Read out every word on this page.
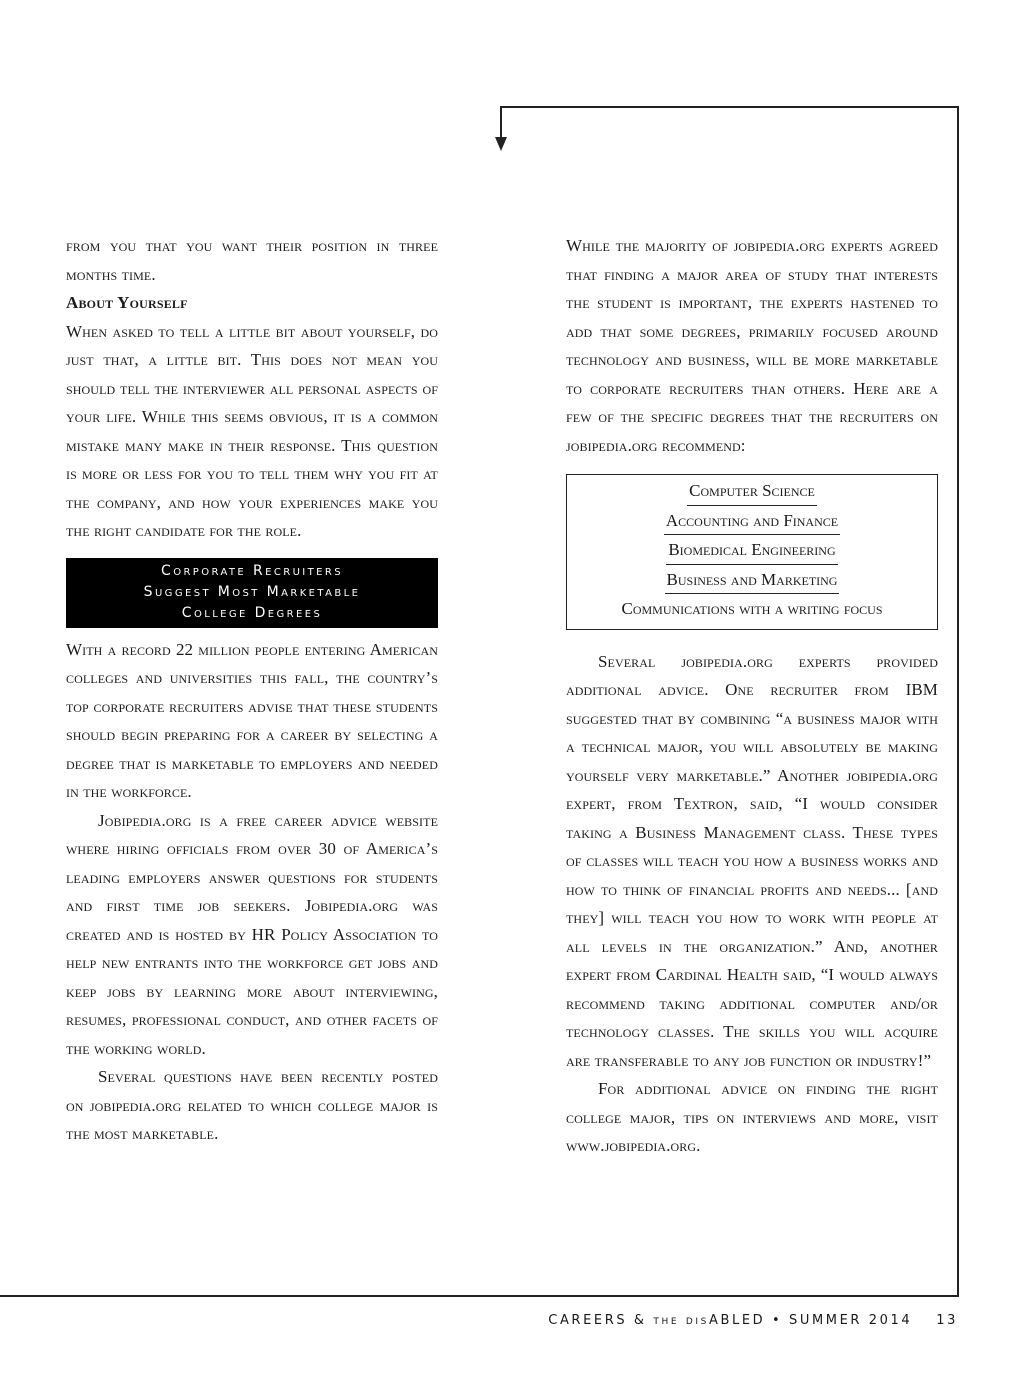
from you that you want their position in three months time.

About Yourself

When asked to tell a little bit about yourself, do just that, a little bit. This does not mean you should tell the interviewer all personal aspects of your life. While this seems obvious, it is a common mistake many make in their response. This question is more or less for you to tell them why you fit at the company, and how your experiences make you the right candidate for the role.

Corporate Recruiters
Suggest Most Marketable
College Degrees

With a record 22 million people entering American colleges and universities this fall, the country’s top corporate recruiters advise that these students should begin preparing for a career by selecting a degree that is marketable to employers and needed in the workforce.

Jobipedia.org is a free career advice website where hiring officials from over 30 of America’s leading employers answer questions for students and first time job seekers. Jobipedia.org was created and is hosted by HR Policy Association to help new entrants into the workforce get jobs and keep jobs by learning more about interviewing, resumes, professional conduct, and other facets of the working world.

Several questions have been recently posted on jobipedia.org related to which college major is the most marketable.

While the majority of jobipedia.org experts agreed that finding a major area of study that interests the student is important, the experts hastened to add that some degrees, primarily focused around technology and business, will be more marketable to corporate recruiters than others. Here are a few of the specific degrees that the recruiters on jobipedia.org recommend:

Computer Science
Accounting and Finance
Biomedical Engineering
Business and Marketing
Communications with a writing focus

Several jobipedia.org experts provided additional advice. One recruiter from IBM suggested that by combining “a business major with a technical major, you will absolutely be making yourself very marketable.” Another jobipedia.org expert, from Textron, said, “I would consider taking a Business Management class. These types of classes will teach you how a business works and how to think of financial profits and needs... [and they] will teach you how to work with people at all levels in the organization.” And, another expert from Cardinal Health said, “I would always recommend taking additional computer and/or technology classes. The skills you will acquire are transferable to any job function or industry!”

For additional advice on finding the right college major, tips on interviews and more, visit www.jobipedia.org.

CAREERS & the disABLED • SUMMER 2014 13
